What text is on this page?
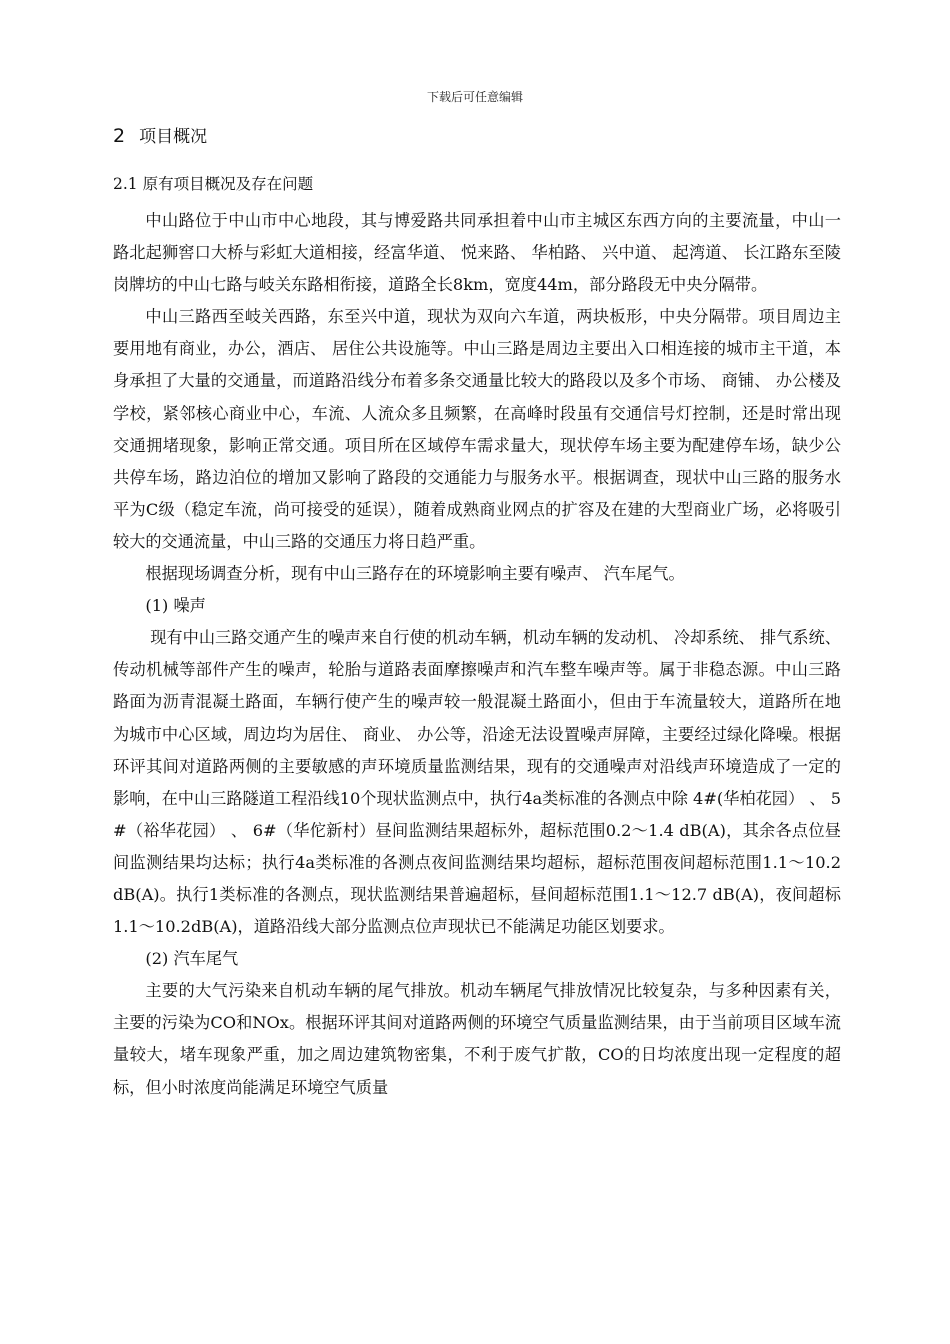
下载后可任意编辑
2 项目概况
2.1 原有项目概况及存在问题

中山路位于中山市中心地段，其与博爱路共同承担着中山市主城区东西方向的主要流量，中山一路北起狮窖口大桥与彩虹大道相接，经富华道、 悦来路、 华柏路、 兴中道、 起湾道、 长江路东至陵岗牌坊的中山七路与岐关东路相衔接，道路全长8km，宽度44m，部分路段无中央分隔带。

中山三路西至岐关西路，东至兴中道，现状为双向六车道，两块板形，中央分隔带。项目周边主要用地有商业，办公，酒店、 居住公共设施等。中山三路是周边主要出入口相连接的城市主干道，本身承担了大量的交通量，而道路沿线分布着多条交通量比较大的路段以及多个市场、 商铺、 办公楼及学校，紧邻核心商业中心，车流、人流众多且频繁，在高峰时段虽有交通信号灯控制，还是时常出现交通拥堵现象，影响正常交通。项目所在区域停车需求量大，现状停车场主要为配建停车场，缺少公共停车场，路边泊位的增加又影响了路段的交通能力与服务水平。根据调查，现状中山三路的服务水平为C级（稳定车流，尚可接受的延误），随着成熟商业网点的扩容及在建的大型商业广场，必将吸引较大的交通流量，中山三路的交通压力将日趋严重。

根据现场调查分析，现有中山三路存在的环境影响主要有噪声、 汽车尾气。

(1) 噪声

现有中山三路交通产生的噪声来自行使的机动车辆，机动车辆的发动机、 冷却系统、 排气系统、 传动机械等部件产生的噪声，轮胎与道路表面摩擦噪声和汽车整车噪声等。属于非稳态源。中山三路路面为沥青混凝土路面，车辆行使产生的噪声较一般混凝土路面小，但由于车流量较大，道路所在地为城市中心区域，周边均为居住、 商业、 办公等，沿途无法设置噪声屏障，主要经过绿化降噪。根据环评其间对道路两侧的主要敏感的声环境质量监测结果，现有的交通噪声对沿线声环境造成了一定的影响，在中山三路隧道工程沿线10个现状监测点中，执行4a类标准的各测点中除 4#(华柏花园） 、 5#（裕华花园） 、 6#（华佗新村）昼间监测结果超标外，超标范围0.2～1.4 dB(A)，其余各点位昼间监测结果均达标；执行4a类标准的各测点夜间监测结果均超标，超标范围夜间超标范围1.1～10.2 dB(A)。执行1类标准的各测点，现状监测结果普遍超标，昼间超标范围1.1～12.7 dB(A)，夜间超标1.1～10.2dB(A)，道路沿线大部分监测点位声现状已不能满足功能区划要求。

(2) 汽车尾气

主要的大气污染来自机动车辆的尾气排放。机动车辆尾气排放情况比较复杂，与多种因素有关，主要的污染为CO和NOx。根据环评其间对道路两侧的环境空气质量监测结果，由于当前项目区域车流量较大，堵车现象严重，加之周边建筑物密集，不利于废气扩散，CO的日均浓度出现一定程度的超标，但小时浓度尚能满足环境空气质量
